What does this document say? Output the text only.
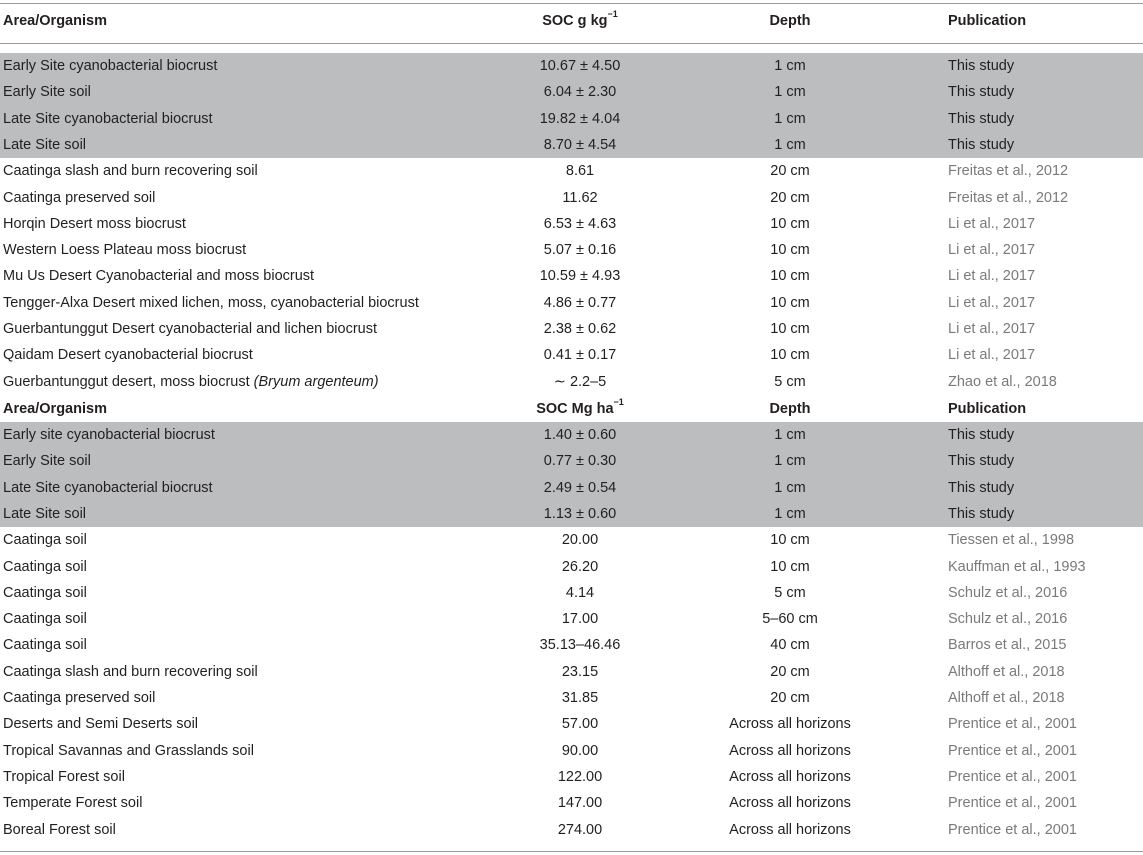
Area/Organism	SOC g $kg^{-1}$	Depth	Publication
Early Site cyanobacterial biocrust	10.67 ± 4.50	1 cm	This study
Early Site soil	6.04 ± 2.30	1 cm	This study
Late Site cyanobacterial biocrust	19.82 ± 4.04	1 cm	This study
Late Site soil	8.70 ± 4.54	1 cm	This study
Caatinga slash and burn recovering soil	8.61	20 cm	Freitas et al., 2012
Caatinga preserved soil	11.62	20 cm	Freitas et al., 2012
Horqin Desert moss biocrust	6.53 ± 4.63	10 cm	Li et al., 2017
Western Loess Plateau moss biocrust	5.07 ± 0.16	10 cm	Li et al., 2017
Mu Us Desert Cyanobacterial and moss biocrust	10.59 ± 4.93	10 cm	Li et al., 2017
Tengger-Alxa Desert mixed lichen, moss, cyanobacterial biocrust	4.86 ± 0.77	10 cm	Li et al., 2017
Guerbantunggut Desert cyanobacterial and lichen biocrust	2.38 ± 0.62	10 cm	Li et al., 2017
Qaidam Desert cyanobacterial biocrust	0.41 ± 0.17	10 cm	Li et al., 2017
Guerbantunggut desert, moss biocrust (Bryum argenteum)	∼ 2.2–5	5 cm	Zhao et al., 2018
Area/Organism	SOC Mg $ha^{-1}$	Depth	Publication
Early site cyanobacterial biocrust	1.40 ± 0.60	1 cm	This study
Early Site soil	0.77 ± 0.30	1 cm	This study
Late Site cyanobacterial biocrust	2.49 ± 0.54	1 cm	This study
Late Site soil	1.13 ± 0.60	1 cm	This study
Caatinga soil	20.00	10 cm	Tiessen et al., 1998
Caatinga soil	26.20	10 cm	Kauffman et al., 1993
Caatinga soil	4.14	5 cm	Schulz et al., 2016
Caatinga soil	17.00	5–60 cm	Schulz et al., 2016
Caatinga soil	35.13–46.46	40 cm	Barros et al., 2015
Caatinga slash and burn recovering soil	23.15	20 cm	Althoff et al., 2018
Caatinga preserved soil	31.85	20 cm	Althoff et al., 2018
Deserts and Semi Deserts soil	57.00	Across all horizons	Prentice et al., 2001
Tropical Savannas and Grasslands soil	90.00	Across all horizons	Prentice et al., 2001
Tropical Forest soil	122.00	Across all horizons	Prentice et al., 2001
Temperate Forest soil	147.00	Across all horizons	Prentice et al., 2001
Boreal Forest soil	274.00	Across all horizons	Prentice et al., 2001
